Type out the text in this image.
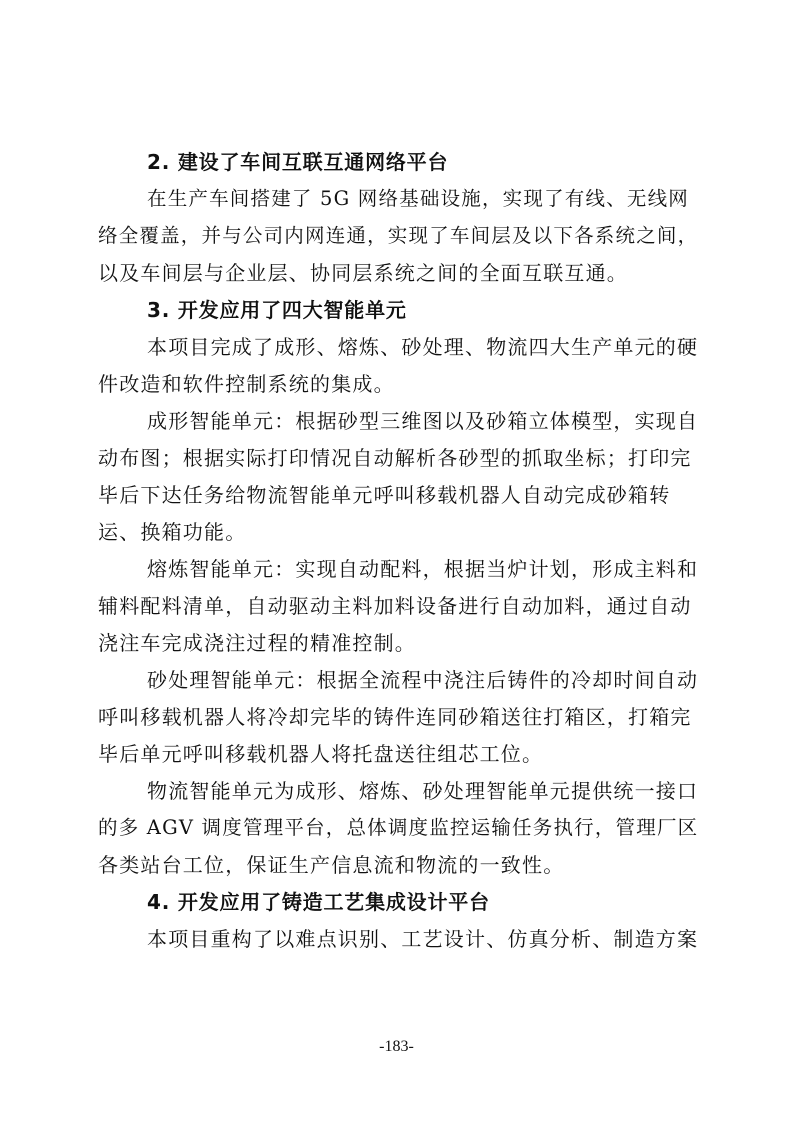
2. 建设了车间互联互通网络平台
在生产车间搭建了 5G 网络基础设施，实现了有线、无线网
络全覆盖，并与公司内网连通，实现了车间层及以下各系统之间，
以及车间层与企业层、协同层系统之间的全面互联互通。
3. 开发应用了四大智能单元
本项目完成了成形、熔炼、砂处理、物流四大生产单元的硬
件改造和软件控制系统的集成。
成形智能单元：根据砂型三维图以及砂箱立体模型，实现自
动布图；根据实际打印情况自动解析各砂型的抓取坐标；打印完
毕后下达任务给物流智能单元呼叫移载机器人自动完成砂箱转
运、换箱功能。
熔炼智能单元：实现自动配料，根据当炉计划，形成主料和
辅料配料清单，自动驱动主料加料设备进行自动加料，通过自动
浇注车完成浇注过程的精准控制。
砂处理智能单元：根据全流程中浇注后铸件的冷却时间自动
呼叫移载机器人将冷却完毕的铸件连同砂箱送往打箱区，打箱完
毕后单元呼叫移载机器人将托盘送往组芯工位。
物流智能单元为成形、熔炼、砂处理智能单元提供统一接口
的多 AGV 调度管理平台，总体调度监控运输任务执行，管理厂区
各类站台工位，保证生产信息流和物流的一致性。
4. 开发应用了铸造工艺集成设计平台
本项目重构了以难点识别、工艺设计、仿真分析、制造方案
-183-
